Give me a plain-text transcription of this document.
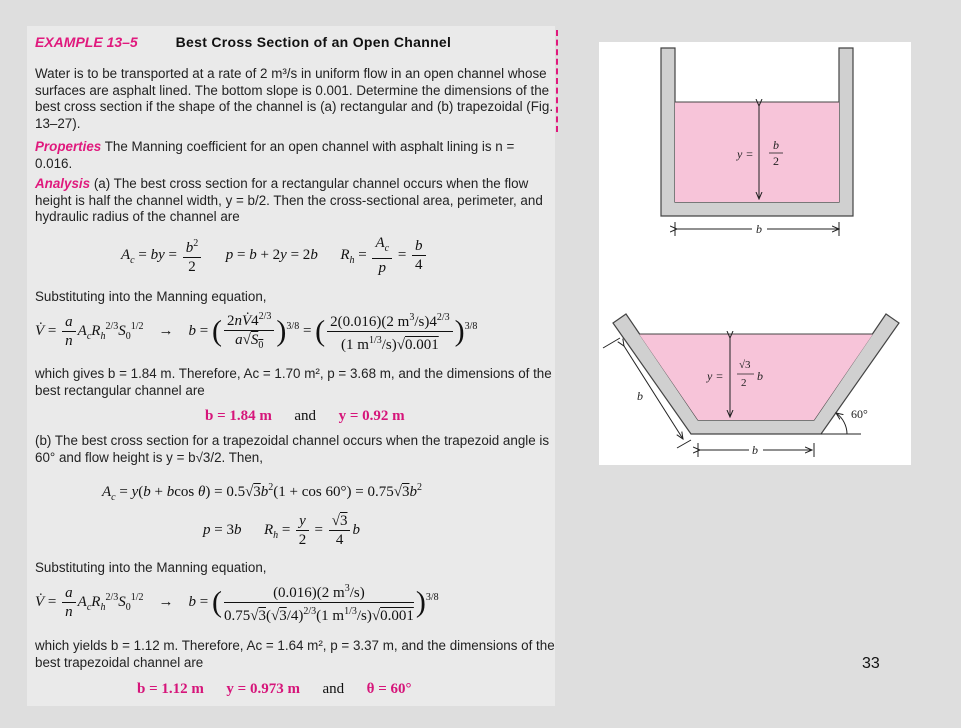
EXAMPLE 13–5	Best Cross Section of an Open Channel
Water is to be transported at a rate of 2 m³/s in uniform flow in an open channel whose surfaces are asphalt lined. The bottom slope is 0.001. Determine the dimensions of the best cross section if the shape of the channel is (a) rectangular and (b) trapezoidal (Fig. 13–27).
Properties The Manning coefficient for an open channel with asphalt lining is n = 0.016.
Analysis (a) The best cross section for a rectangular channel occurs when the flow height is half the channel width, y = b/2. Then the cross-sectional area, perimeter, and hydraulic radius of the channel are
$A_c$ = by = $\frac{b^2}{2}$ p = b + 2y = 2b $R_h = \frac{A_c}{p} = \frac{b}{4}$
Substituting into the Manning equation,
V̇ = $\frac{a}{n} A_cR_h^{2/3}S_0^{1/2}$    →    b = ( $\frac{2nV̇4^{2/3}}{a√S_0} )^{3/8}$ = ( $\frac{2(0.016)(2 m^3/s)4^{2/3}}{(1 m^{1/3}/s)√0.001} )^{3/8}$
which gives b = 1.84 m. Therefore, Ac = 1.70 m², p = 3.68 m, and the dimensions of the best rectangular channel are
b = 1.84 m and y = 0.92 m
(b) The best cross section for a trapezoidal channel occurs when the trapezoid angle is 60° and flow height is y = b√3/2. Then,
$A_c = y(b + bcos$ $\theta) = 0.5√3b^2(1 + \cos 60^\circ) = 0.75√3b^2$
p = 3b $R_h = \frac{y}{2} = \frac{√3}{4}$ b
Substituting into the Manning equation,
V̇ = $\frac{a}{n} A_cR_h^{2/3}S_0^{1/2}$    →    b = ( $\frac{(0.016)(2 m^3/s)}{0.75√3(√3/4)^{2/3}(1 m^{1/3}/s)√0.001} )^{3/8}$
which yields b = 1.12 m. Therefore, Ac = 1.64 m², p = 3.37 m, and the dimensions of the best trapezoidal channel are
b = 1.12 m y = 0.973 m and θ = 60°
y =
b
2
b
y =
√3
2 b
b
b
60°
33
